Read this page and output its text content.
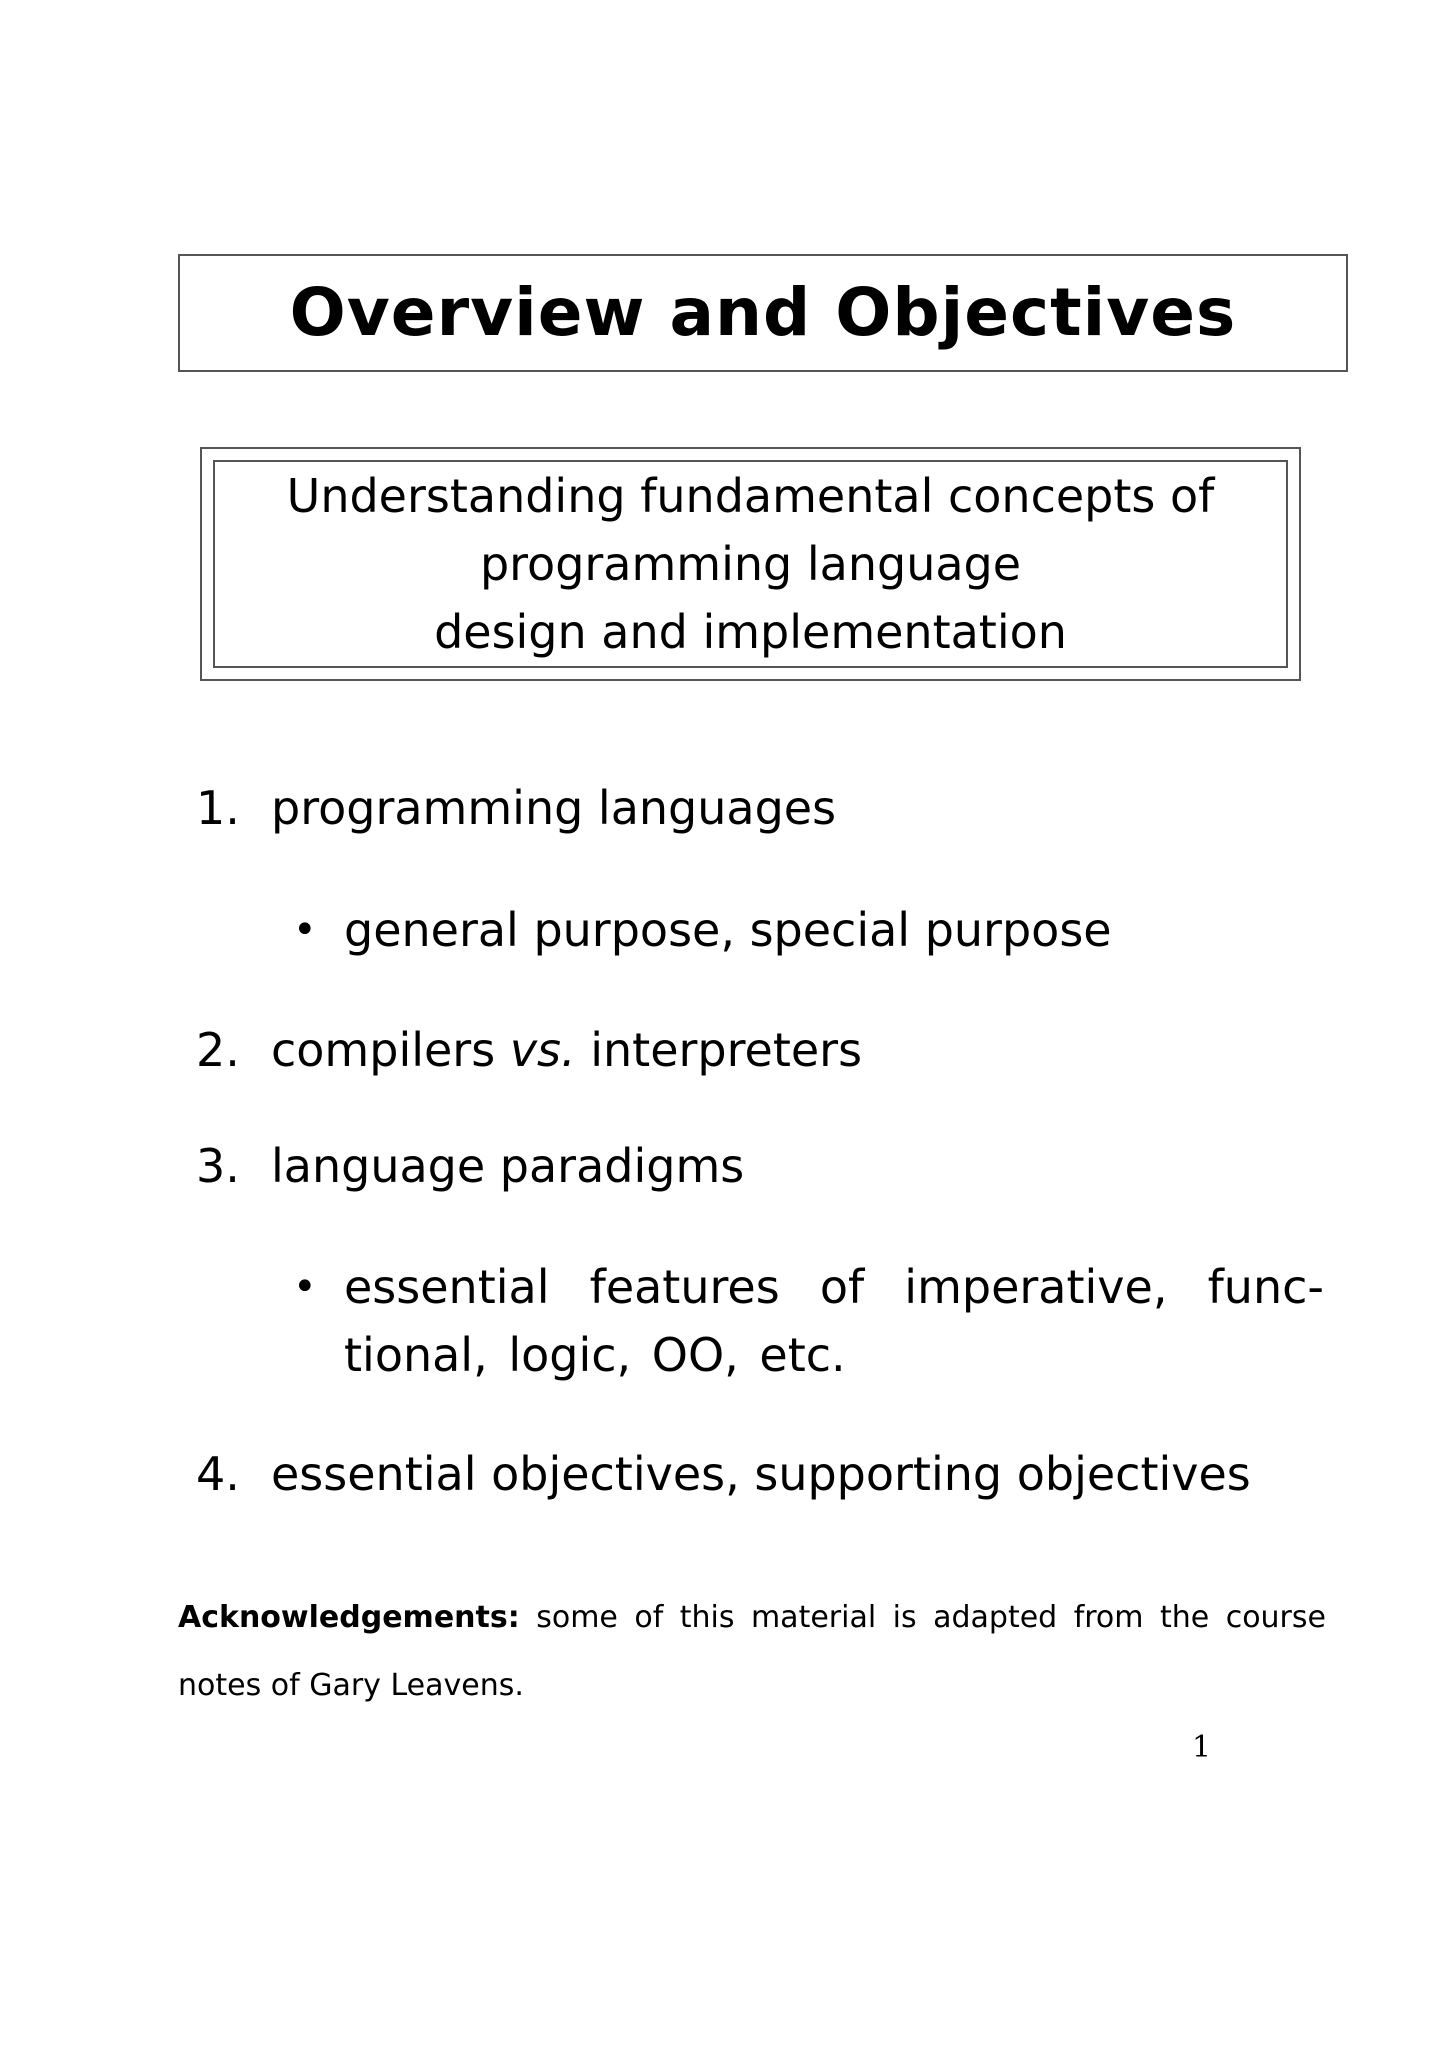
Overview and Objectives
Understanding fundamental concepts of
programming language
design and implementation
1. programming languages
• general purpose, special purpose
2. compilers vs. interpreters
3. language paradigms
• essential features of imperative, func- tional, logic, OO, etc.
4. essential objectives, supporting objectives
Acknowledgements: some of this material is adapted from the course notes of Gary Leavens.
1
